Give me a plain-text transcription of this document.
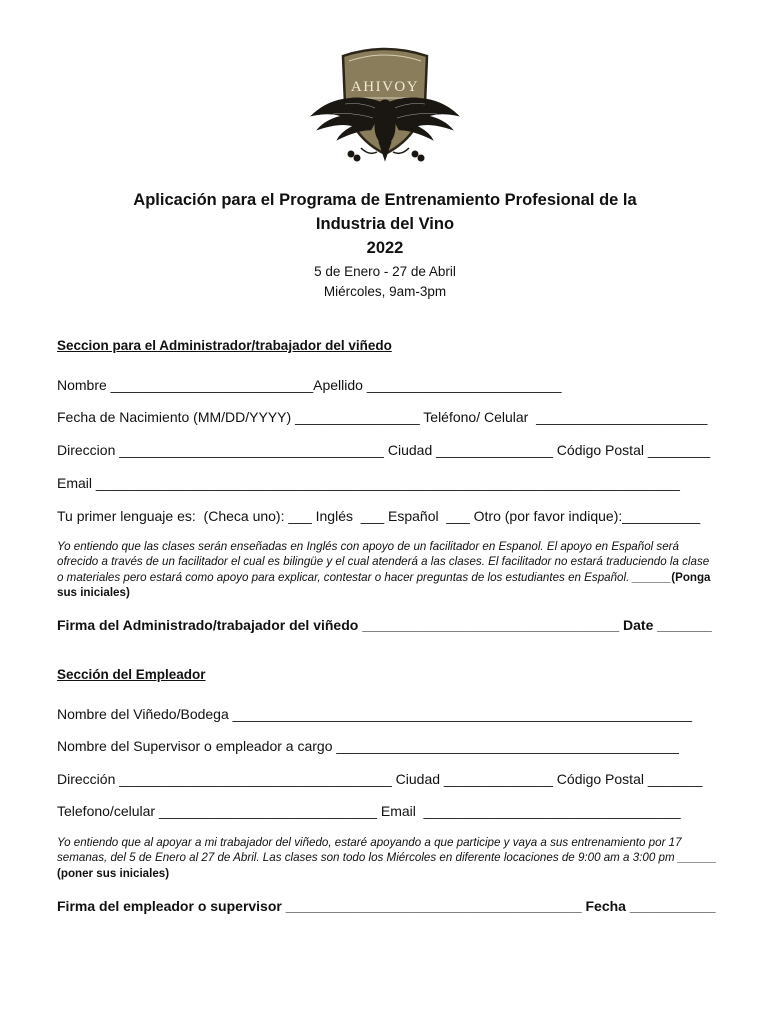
AHIVOY
Aplicación para el Programa de Entrenamiento Profesional de la
Industria del Vino
2022
5 de Enero - 27 de Abril
Miércoles, 9am-3pm
Seccion para el Administrador/trabajador del viñedo
Nombre __________________________Apellido _________________________
Fecha de Nacimiento (MM/DD/YYYY) ________________ Teléfono/ Celular  ______________________
Direccion __________________________________ Ciudad _______________ Código Postal ________
Email ___________________________________________________________________________
Tu primer lenguaje es:  (Checa uno): ___ Inglés  ___ Español  ___ Otro (por favor indique):__________
Yo entiendo que las clases serán enseñadas en Inglés con apoyo de un facilitador en Espanol. El apoyo en Español será ofrecido a través de un facilitador el cual es bilingüe y el cual atenderá a las clases. El facilitador no estará traduciendo la clase o materiales pero estará como apoyo para explicar, contestar o hacer preguntas de los estudiantes en Español. ______(Ponga sus iniciales)
Firma del Administrado/trabajador del viñedo _________________________________ Date _______
Sección del Empleador
Nombre del Viñedo/Bodega ___________________________________________________________
Nombre del Supervisor o empleador a cargo ____________________________________________
Dirección ___________________________________ Ciudad ______________ Código Postal _______
Telefono/celular ____________________________ Email  _________________________________
Yo entiendo que al apoyar a mi trabajador del viñedo, estaré apoyando a que participe y vaya a sus entrenamiento por 17 semanas, del 5 de Enero al 27 de Abril. Las clases son todo los Miércoles en diferente locaciones de 9:00 am a 3:00 pm ______ (poner sus iniciales)
Firma del empleador o supervisor ______________________________________ Fecha ___________
